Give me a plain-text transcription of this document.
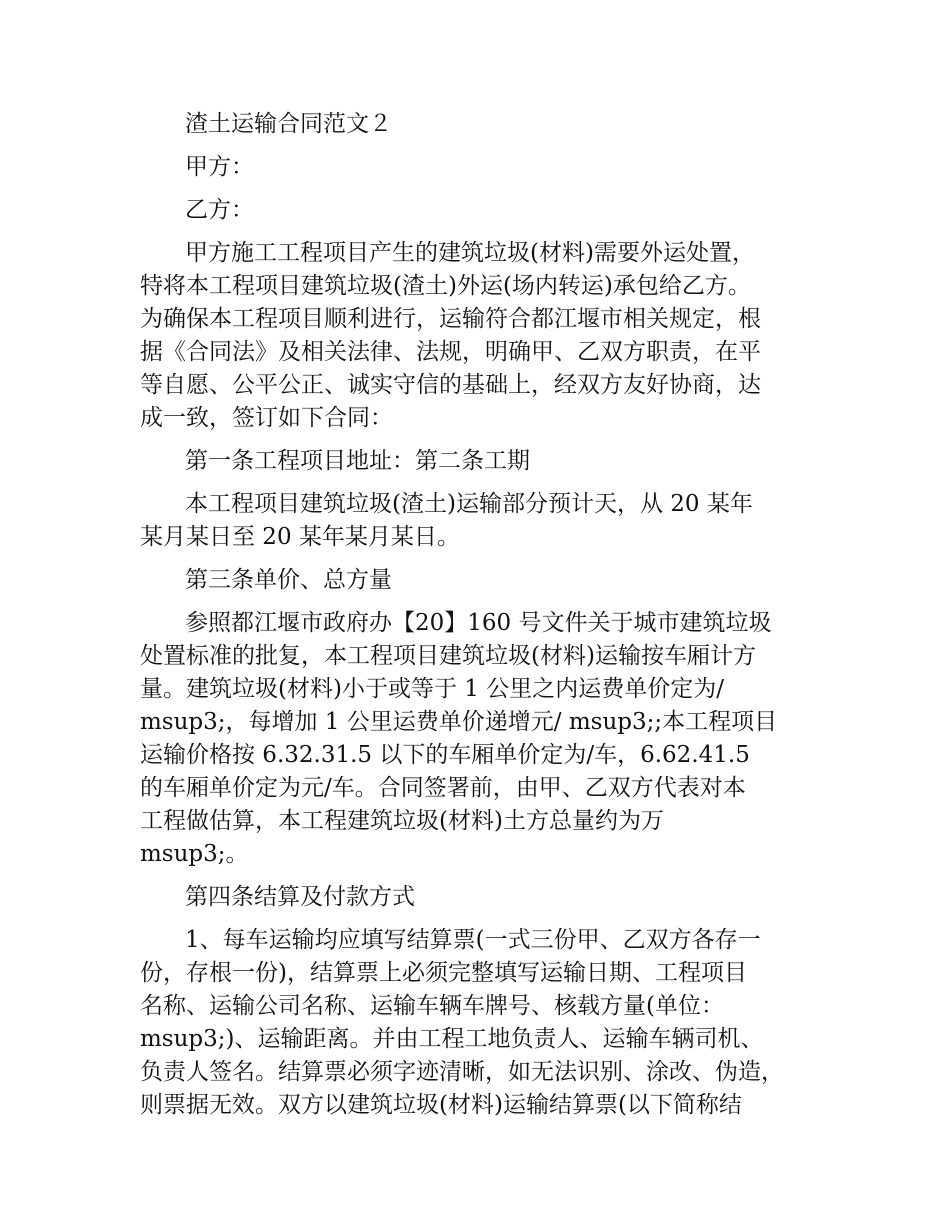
渣土运输合同范文２

甲方：

乙方：

甲方施工工程项目产生的建筑垃圾(材料)需要外运处置，
特将本工程项目建筑垃圾(渣土)外运(场内转运)承包给乙方。
为确保本工程项目顺利进行，运输符合都江堰市相关规定，根
据《合同法》及相关法律、法规，明确甲、乙双方职责，在平
等自愿、公平公正、诚实守信的基础上，经双方友好协商，达
成一致，签订如下合同：

第一条工程项目地址：第二条工期

本工程项目建筑垃圾(渣土)运输部分预计天，从 20 某年
某月某日至 20 某年某月某日。

第三条单价、总方量

参照都江堰市政府办【20】160 号文件关于城市建筑垃圾
处置标准的批复，本工程项目建筑垃圾(材料)运输按车厢计方
量。建筑垃圾(材料)小于或等于 1 公里之内运费单价定为/
msup3;，每增加 1 公里运费单价递增元/ msup3;;本工程项目
运输价格按 6.32.31.5 以下的车厢单价定为/车，6.62.41.5
的车厢单价定为元/车。合同签署前，由甲、乙双方代表对本
工程做估算，本工程建筑垃圾(材料)土方总量约为万
msup3;。

第四条结算及付款方式

1、每车运输均应填写结算票(一式三份甲、乙双方各存一
份，存根一份)，结算票上必须完整填写运输日期、工程项目
名称、运输公司名称、运输车辆车牌号、核载方量(单位：
msup3;)、运输距离。并由工程工地负责人、运输车辆司机、
负责人签名。结算票必须字迹清晰，如无法识别、涂改、伪造，
则票据无效。双方以建筑垃圾(材料)运输结算票(以下简称结
